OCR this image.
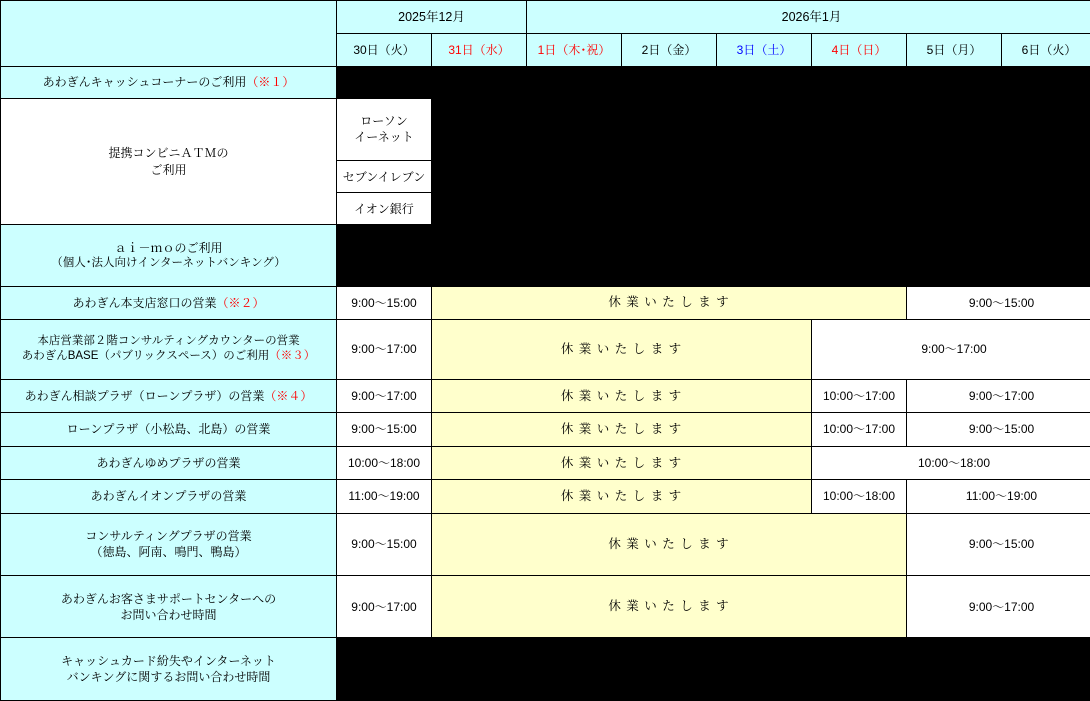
	2025年12月		2026年1月					
	30日（火）	31日（水）	1日（木･祝）	2日（金）	3日（土）	4日（日）	5日（月）	6日（火）
あわぎんキャッシュコーナーのご利用（※１）								

提携コンビニＡＴＭの
ご利用

ローソン
イーネット

	セブンイレブン							

	イオン銀行							

ａｉ－ｍｏのご利用
（個人･法人向けインターネットバンキング）								

あわぎん本支店窓口の営業（※２）	9:00〜15:00	休 業 い た し ま す					9:00〜15:00	

本店営業部２階コンサルティングカウンターの営業
あわぎんBASE（パブリックスペース）のご利用（※３）	9:00〜17:00	休 業 い た し ま す				9:00〜17:00		
あわぎん相談プラザ（ローンプラザ）の営業（※４）	9:00〜17:00	休 業 い た し ま す				10:00〜17:00	9:00〜17:00	
ローンプラザ（小松島、北島）の営業	9:00〜15:00	休 業 い た し ま す				10:00〜17:00	9:00〜15:00	
あわぎんゆめプラザの営業	10:00〜18:00	休 業 い た し ま す				10:00〜18:00		
あわぎんイオンプラザの営業	11:00〜19:00	休 業 い た し ま す				10:00〜18:00	11:00〜19:00	

コンサルティングプラザの営業
（徳島、阿南、鳴門、鴨島）	9:00〜15:00	休 業 い た し ま す					9:00〜15:00	

あわぎんお客さまサポートセンターへの
お問い合わせ時間	9:00〜17:00	休 業 い た し ま す					9:00〜17:00	

キャッシュカード紛失やインターネット
バンキングに関するお問い合わせ時間								
